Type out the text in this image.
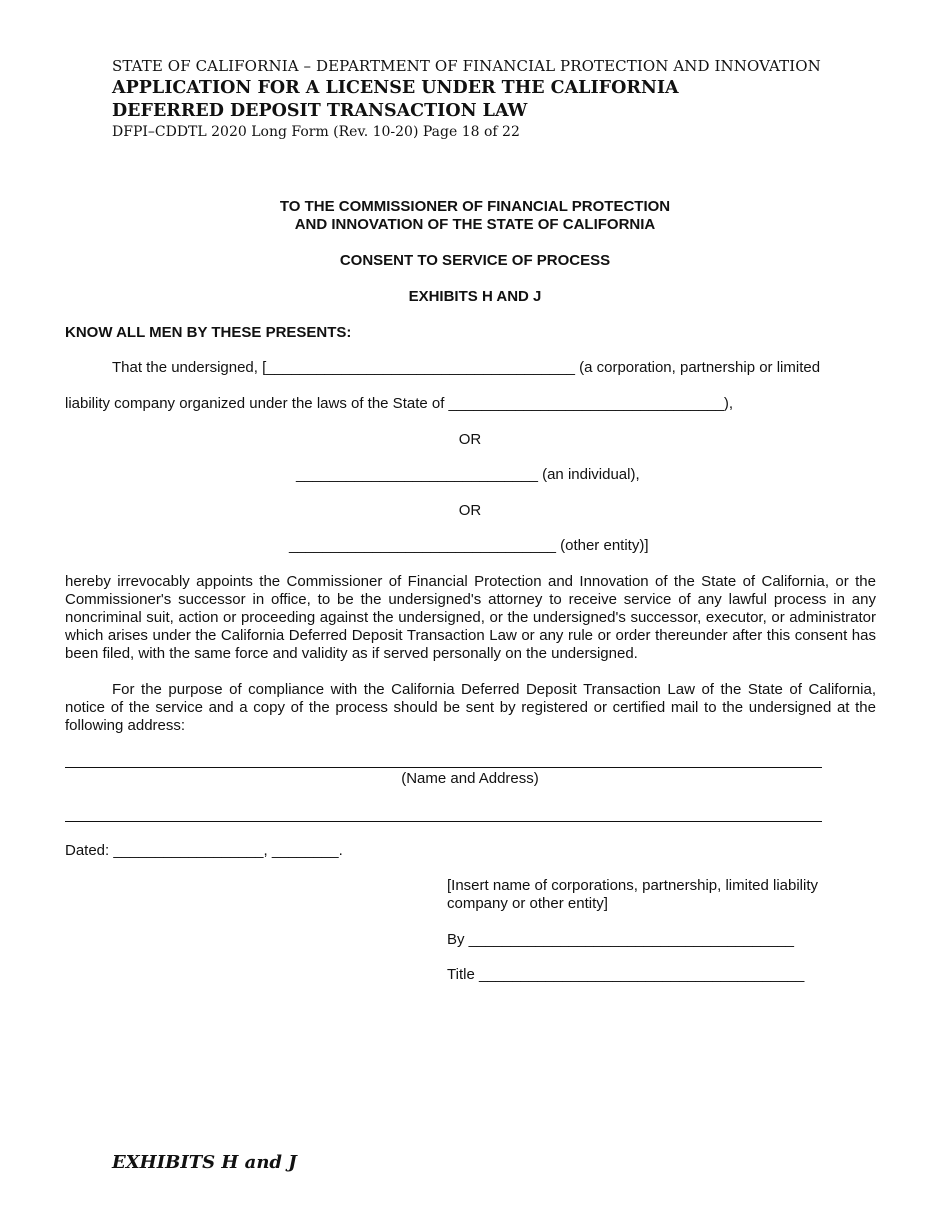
STATE OF CALIFORNIA – DEPARTMENT OF FINANCIAL PROTECTION AND INNOVATION
APPLICATION FOR A LICENSE UNDER THE CALIFORNIA
DEFERRED DEPOSIT TRANSACTION LAW
DFPI–CDDTL 2020 Long Form (Rev. 10-20) Page 18 of 22
TO THE COMMISSIONER OF FINANCIAL PROTECTION
AND INNOVATION OF THE STATE OF CALIFORNIA
CONSENT TO SERVICE OF PROCESS
EXHIBITS H AND J
KNOW ALL MEN BY THESE PRESENTS:
That the undersigned, [_____________________________________ (a corporation, partnership or limited
liability company organized under the laws of the State of _________________________________),
OR
_____________________________ (an individual),
OR
________________________________ (other entity)]
hereby irrevocably appoints the Commissioner of Financial Protection and Innovation of the State of California, or the Commissioner's successor in office, to be the undersigned's attorney to receive service of any lawful process in any noncriminal suit, action or proceeding against the undersigned, or the undersigned's successor, executor, or administrator which arises under the California Deferred Deposit Transaction Law or any rule or order thereunder after this consent has been filed, with the same force and validity as if served personally on the undersigned.
For the purpose of compliance with the California Deferred Deposit Transaction Law of the State of California, notice of the service and a copy of the process should be sent by registered or certified mail to the undersigned at the following address:
(Name and Address)
Dated: __________________, ________.
[Insert name of corporations, partnership, limited liability company or other entity]
By _______________________________________
Title _______________________________________
EXHIBITS H and J
